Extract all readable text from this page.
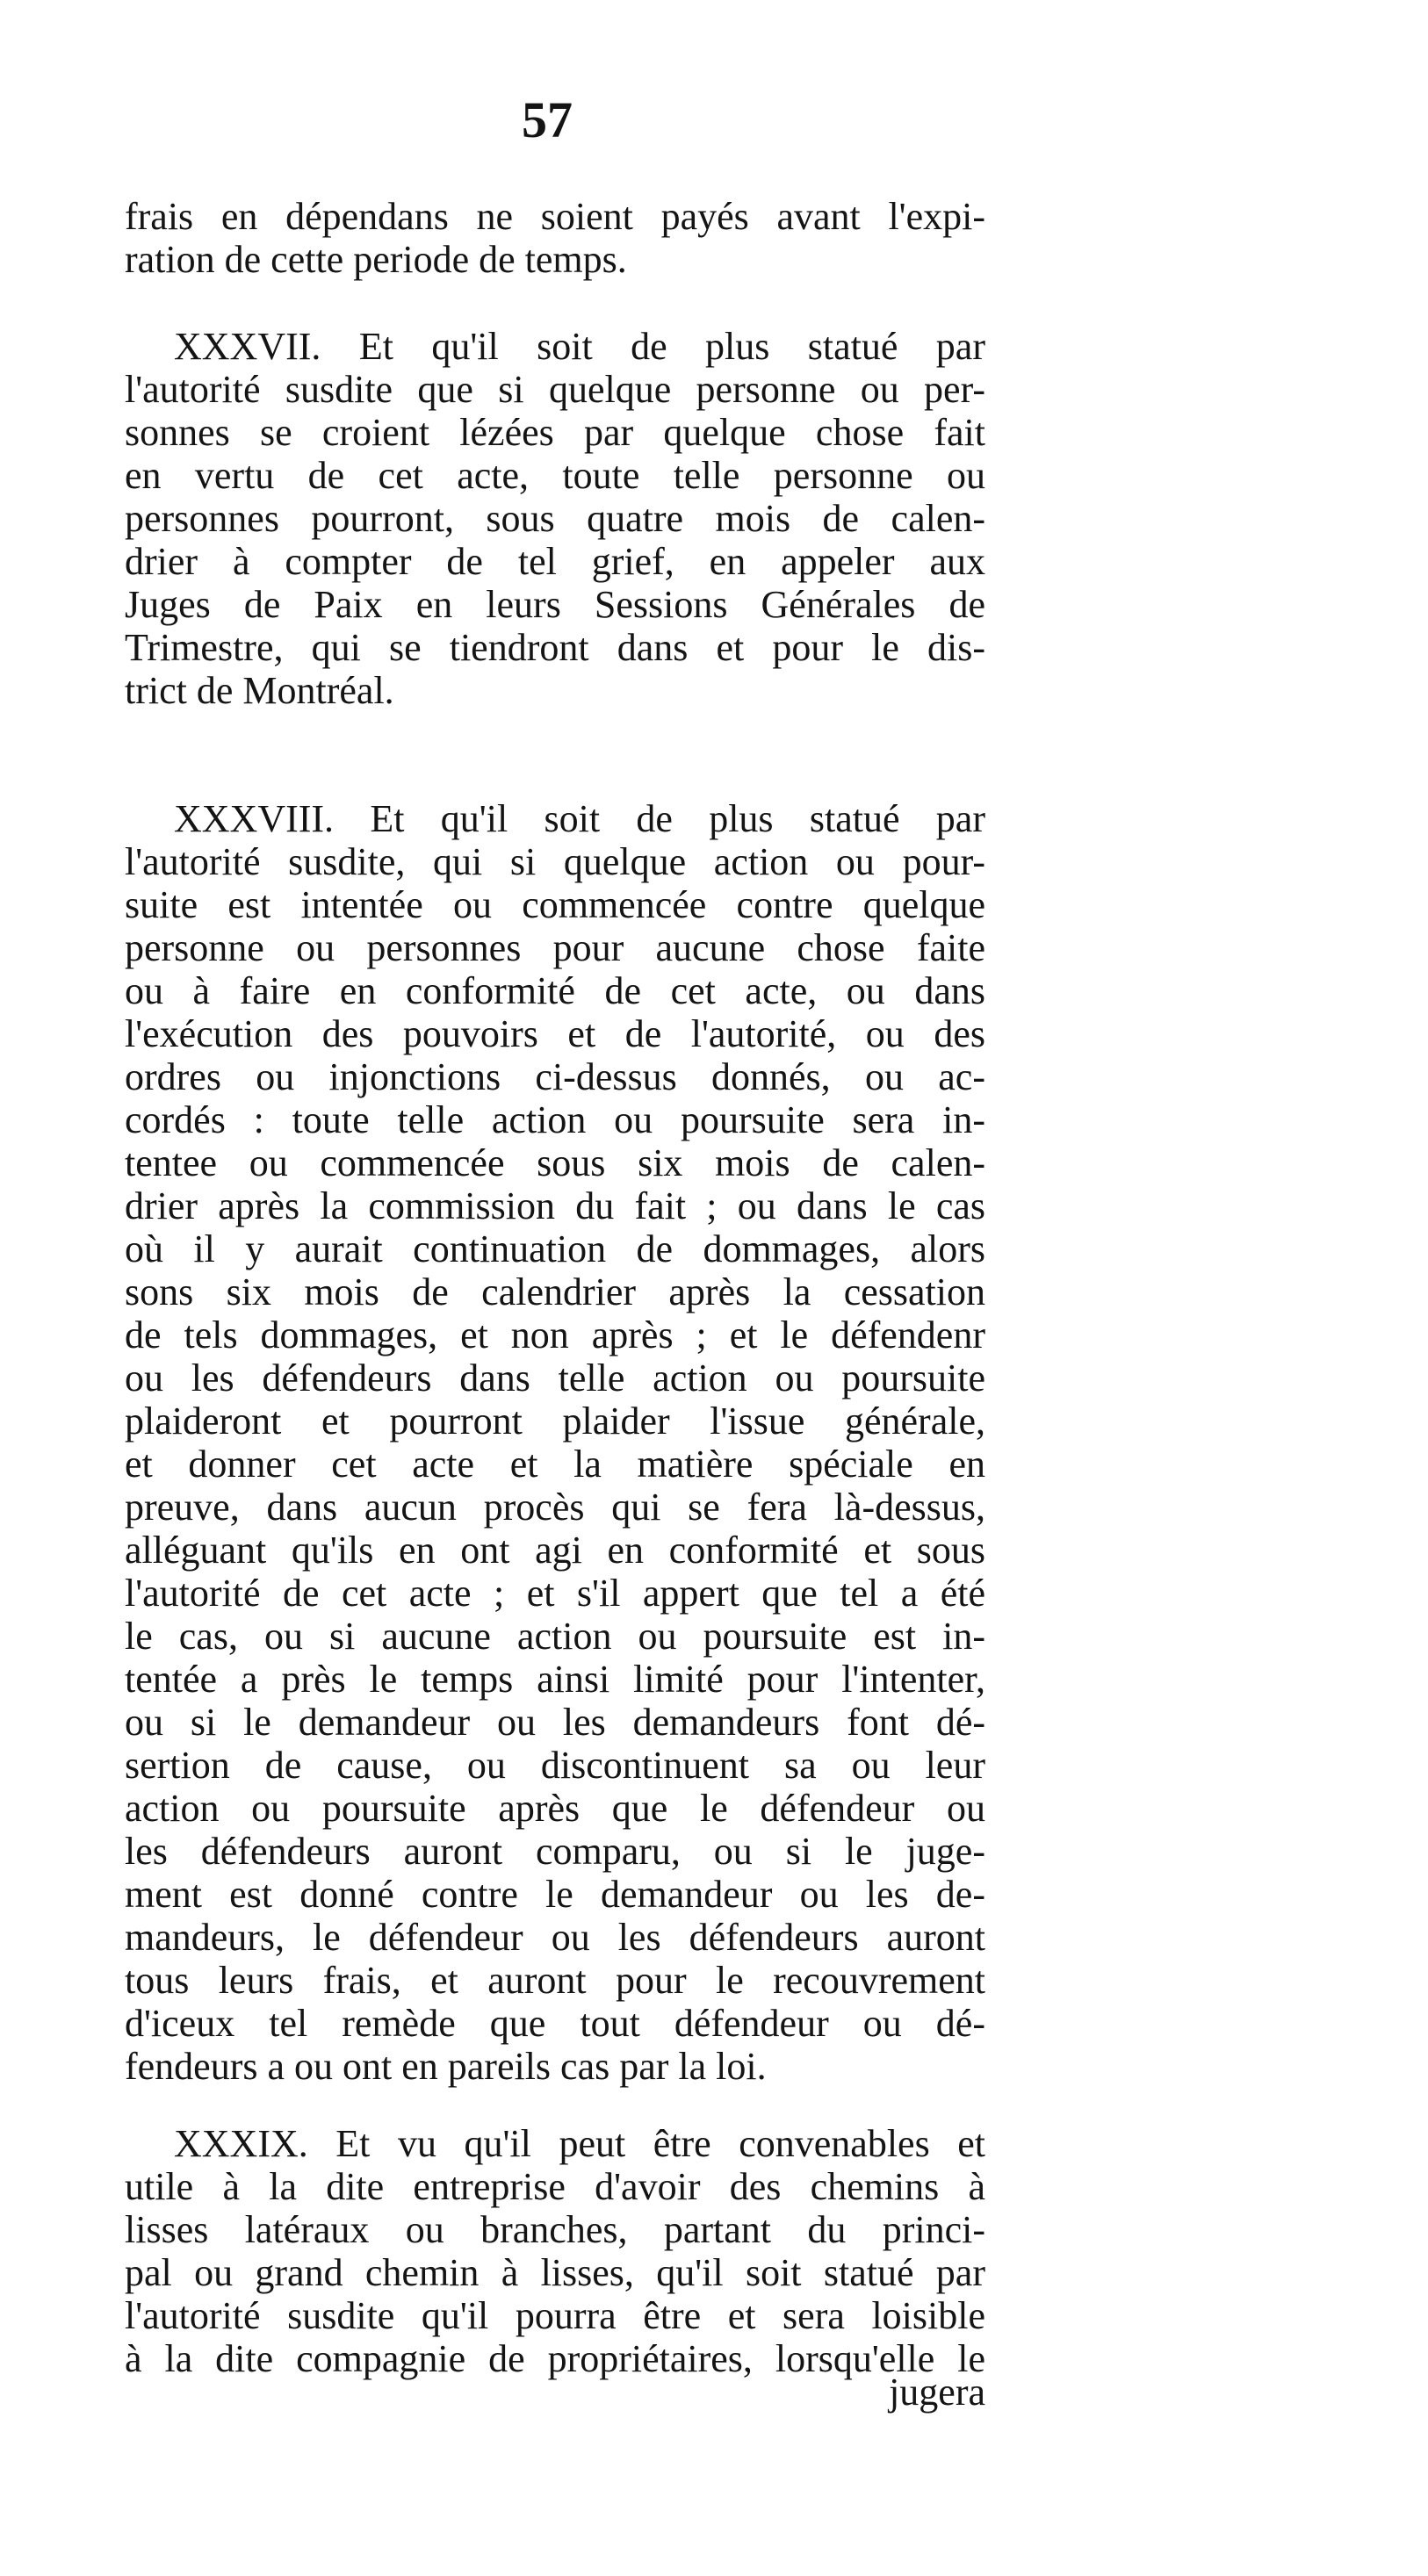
57
frais en dépendans ne soient payés avant l'expi-
ration de cette periode de temps.
XXXVII. Et qu'il soit de plus statué par
l'autorité susdite que si quelque personne ou per-
sonnes se croient lézées par quelque chose fait
en vertu de cet acte, toute telle personne ou
personnes pourront, sous quatre mois de calen-
drier à compter de tel grief, en appeler aux
Juges de Paix en leurs Sessions Générales de
Trimestre, qui se tiendront dans et pour le dis-
trict de Montréal.
XXXVIII. Et qu'il soit de plus statué par
l'autorité susdite, qui si quelque action ou pour-
suite est intentée ou commencée contre quelque
personne ou personnes pour aucune chose faite
ou à faire en conformité de cet acte, ou dans
l'exécution des pouvoirs et de l'autorité, ou des
ordres ou injonctions ci-dessus donnés, ou ac-
cordés : toute telle action ou poursuite sera in-
tentee ou commencée sous six mois de calen-
drier après la commission du fait ; ou dans le cas
où il y aurait continuation de dommages, alors
sons six mois de calendrier après la cessation
de tels dommages, et non après ; et le défendenr
ou les défendeurs dans telle action ou poursuite
plaideront et pourront plaider l'issue générale,
et donner cet acte et la matière spéciale en
preuve, dans aucun procès qui se fera là-dessus,
alléguant qu'ils en ont agi en conformité et sous
l'autorité de cet acte ; et s'il appert que tel a été
le cas, ou si aucune action ou poursuite est in-
tentée a près le temps ainsi limité pour l'intenter,
ou si le demandeur ou les demandeurs font dé-
sertion de cause, ou discontinuent sa ou leur
action ou poursuite après que le défendeur ou
les défendeurs auront comparu, ou si le juge-
ment est donné contre le demandeur ou les de-
mandeurs, le défendeur ou les défendeurs auront
tous leurs frais, et auront pour le recouvrement
d'iceux tel remède que tout défendeur ou dé-
fendeurs a ou ont en pareils cas par la loi.
XXXIX. Et vu qu'il peut être convenables et
utile à la dite entreprise d'avoir des chemins à
lisses latéraux ou branches, partant du princi-
pal ou grand chemin à lisses, qu'il soit statué par
l'autorité susdite qu'il pourra être et sera loisible
à la dite compagnie de propriétaires, lorsqu'elle le
jugera
